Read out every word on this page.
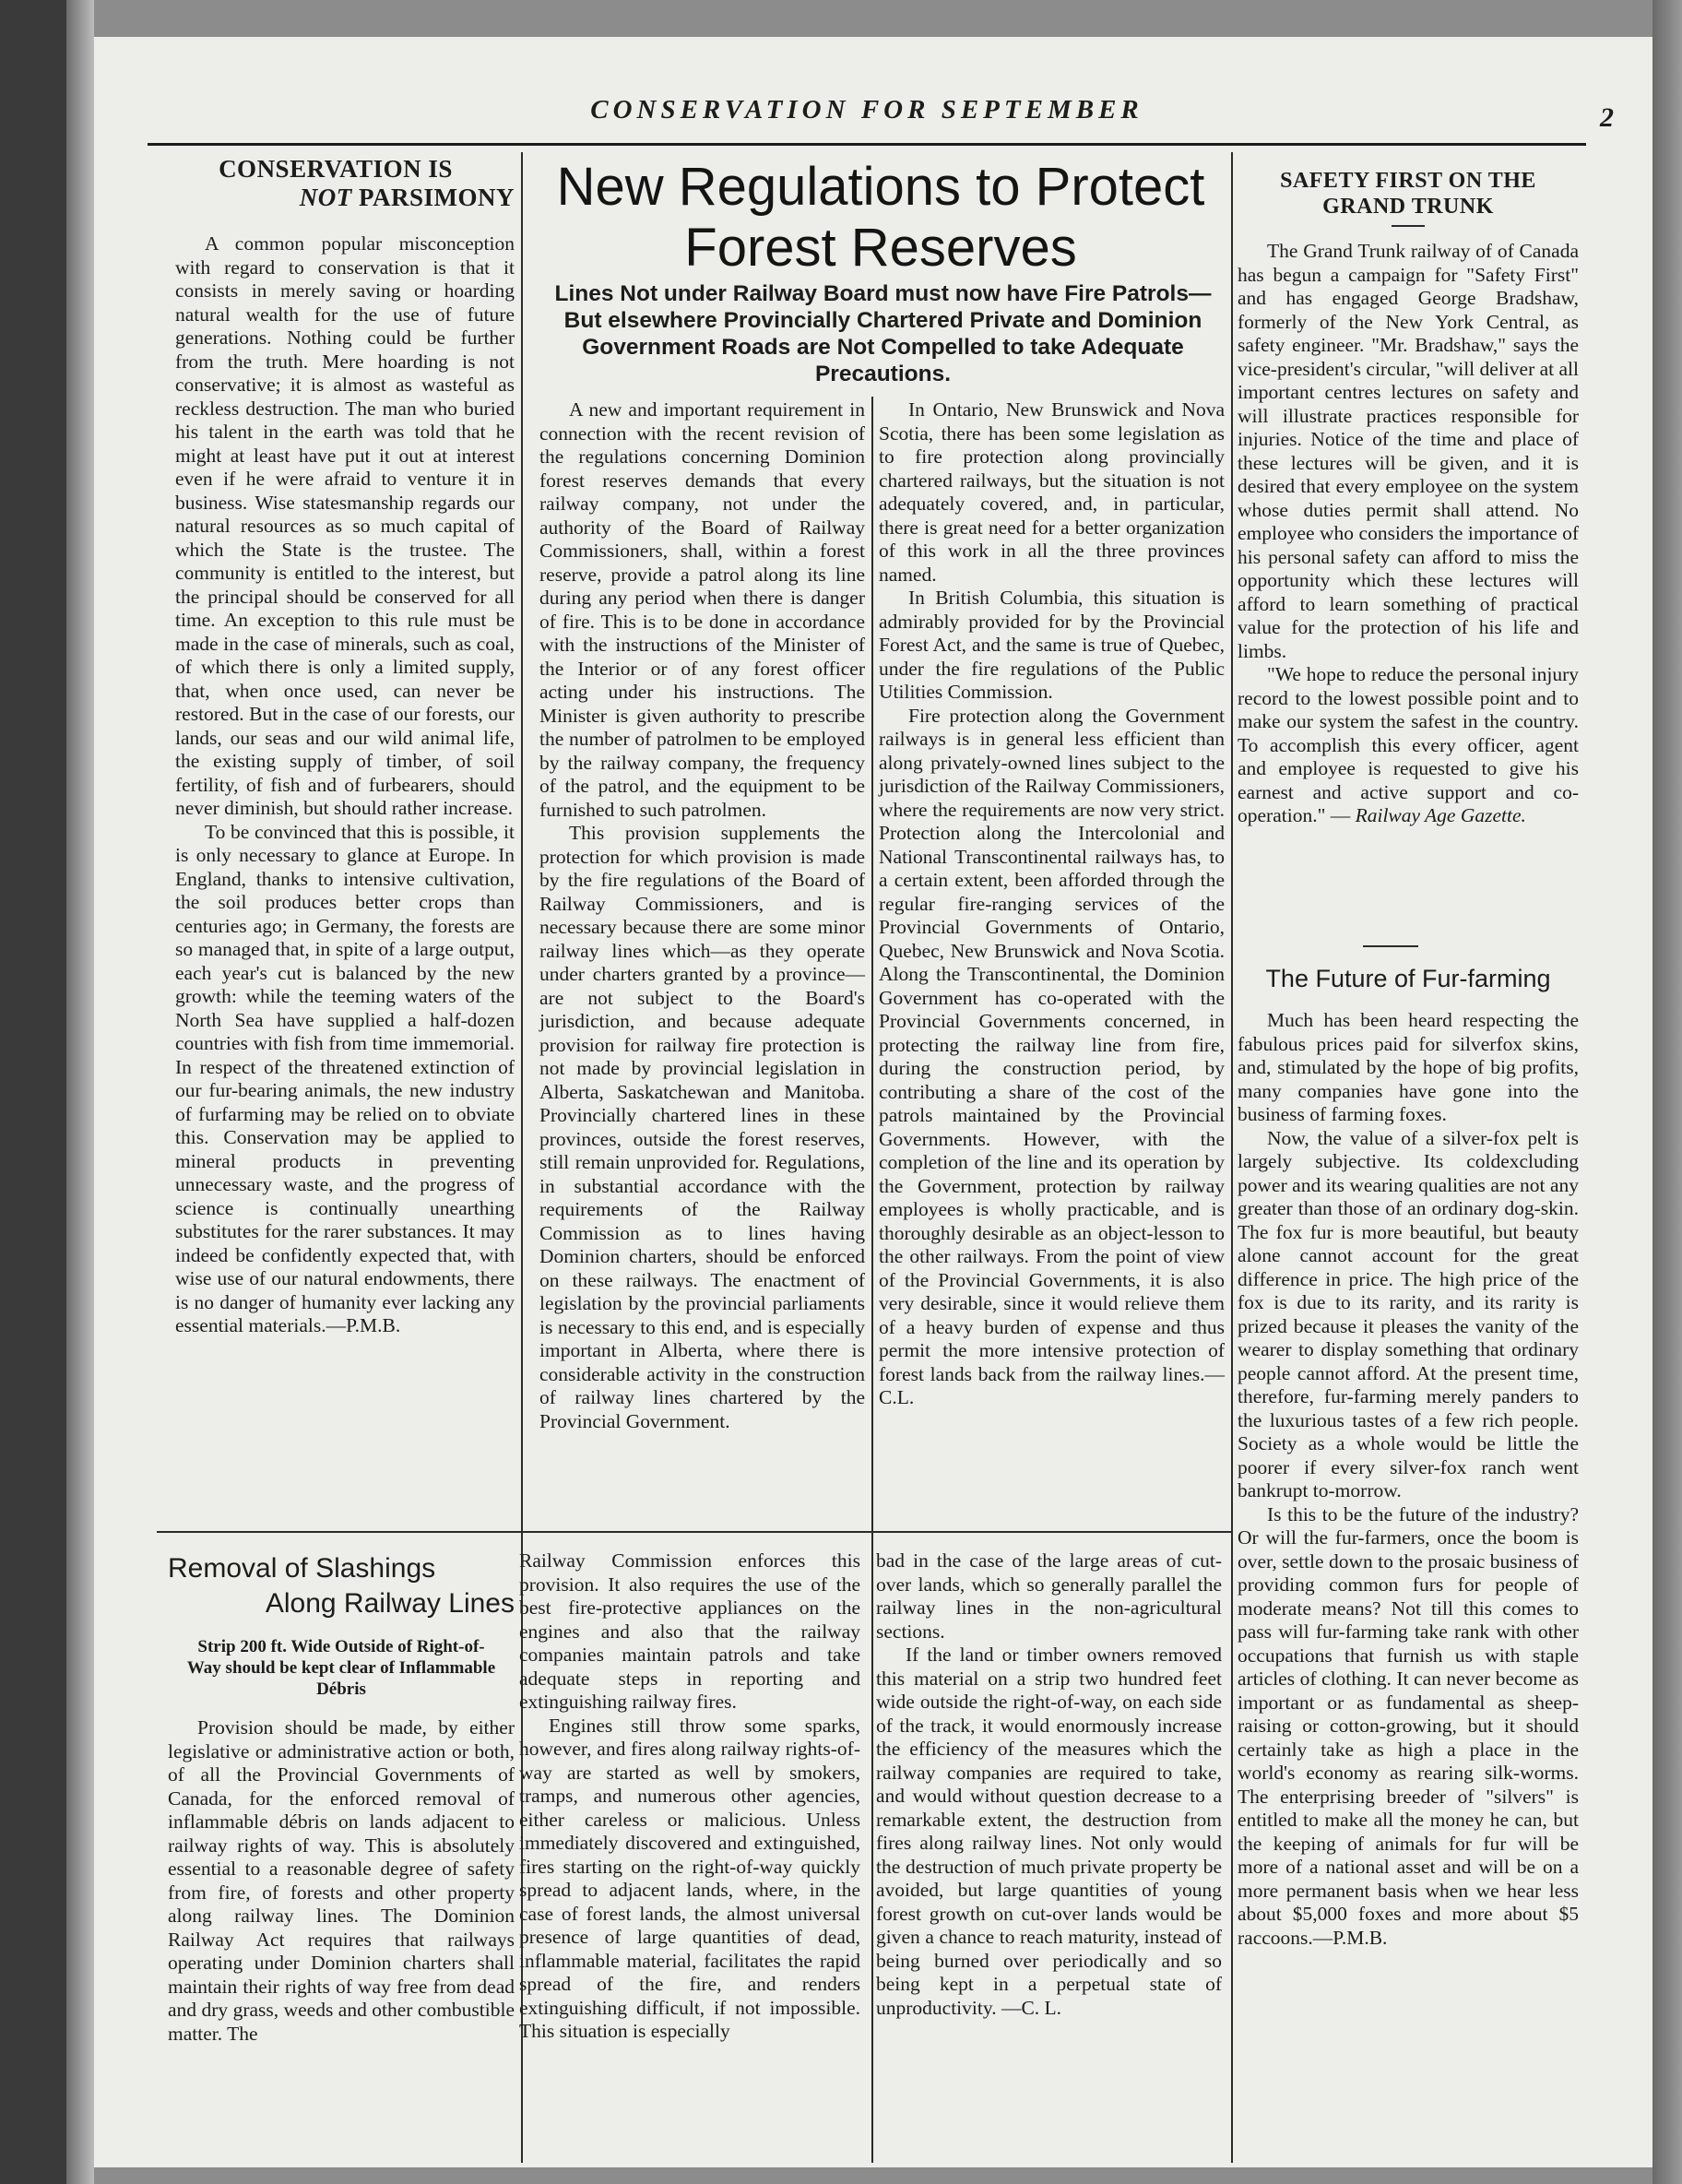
CONSERVATION FOR SEPTEMBER	2
CONSERVATION IS
NOT PARSIMONY

A common popular misconception with regard to conservation is that it consists in merely saving or hoarding natural wealth for the use of future generations. Nothing could be further from the truth. Mere hoarding is not conservative; it is almost as wasteful as reckless destruction. The man who buried his talent in the earth was told that he might at least have put it out at interest even if he were afraid to venture it in business. Wise statesmanship regards our natural resources as so much capital of which the State is the trustee. The community is entitled to the interest, but the principal should be conserved for all time. An exception to this rule must be made in the case of minerals, such as coal, of which there is only a limited supply, that, when once used, can never be restored. But in the case of our forests, our lands, our seas and our wild animal life, the existing supply of timber, of soil fertility, of fish and of furbearers, should never diminish, but should rather increase.

To be convinced that this is possible, it is only necessary to glance at Europe. In England, thanks to intensive cultivation, the soil produces better crops than centuries ago; in Germany, the forests are so managed that, in spite of a large output, each year's cut is balanced by the new growth: while the teeming waters of the North Sea have supplied a half-dozen countries with fish from time immemorial. In respect of the threatened extinction of our fur-bearing animals, the new industry of furfarming may be relied on to obviate this. Conservation may be applied to mineral products in preventing unnecessary waste, and the progress of science is continually unearthing substitutes for the rarer substances. It may indeed be confidently expected that, with wise use of our natural endowments, there is no danger of humanity ever lacking any essential materials.—P.M.B.

New Regulations to Protect Forest Reserves
Lines Not under Railway Board must now have Fire Patrols—But elsewhere Provincially Chartered Private and Dominion Government Roads are Not Compelled to take Adequate Precautions.

A new and important requirement in connection with the recent revision of the regulations concerning Dominion forest reserves demands that every railway company, not under the authority of the Board of Railway Commissioners, shall, within a forest reserve, provide a patrol along its line during any period when there is danger of fire. This is to be done in accordance with the instructions of the Minister of the Interior or of any forest officer acting under his instructions. The Minister is given authority to prescribe the number of patrolmen to be employed by the railway company, the frequency of the patrol, and the equipment to be furnished to such patrolmen.

This provision supplements the protection for which provision is made by the fire regulations of the Board of Railway Commissioners, and is necessary because there are some minor railway lines which—as they operate under charters granted by a province—are not subject to the Board's jurisdiction, and because adequate provision for railway fire protection is not made by provincial legislation in Alberta, Saskatchewan and Manitoba. Provincially chartered lines in these provinces, outside the forest reserves, still remain unprovided for. Regulations, in substantial accordance with the requirements of the Railway Commission as to lines having Dominion charters, should be enforced on these railways. The enactment of legislation by the provincial parliaments is necessary to this end, and is especially important in Alberta, where there is considerable activity in the construction of railway lines chartered by the Provincial Government.

In Ontario, New Brunswick and Nova Scotia, there has been some legislation as to fire protection along provincially chartered railways, but the situation is not adequately covered, and, in particular, there is great need for a better organization of this work in all the three provinces named.

In British Columbia, this situation is admirably provided for by the Provincial Forest Act, and the same is true of Quebec, under the fire regulations of the Public Utilities Commission.

Fire protection along the Government railways is in general less efficient than along privately-owned lines subject to the jurisdiction of the Railway Commissioners, where the requirements are now very strict. Protection along the Intercolonial and National Transcontinental railways has, to a certain extent, been afforded through the regular fire-ranging services of the Provincial Governments of Ontario, Quebec, New Brunswick and Nova Scotia. Along the Transcontinental, the Dominion Government has co-operated with the Provincial Governments concerned, in protecting the railway line from fire, during the construction period, by contributing a share of the cost of the patrols maintained by the Provincial Governments. However, with the completion of the line and its operation by the Government, protection by railway employees is wholly practicable, and is thoroughly desirable as an object-lesson to the other railways. From the point of view of the Provincial Governments, it is also very desirable, since it would relieve them of a heavy burden of expense and thus permit the more intensive protection of forest lands back from the railway lines.—C.L.

SAFETY FIRST ON THE GRAND TRUNK

The Grand Trunk railway of of Canada has begun a campaign for "Safety First" and has engaged George Bradshaw, formerly of the New York Central, as safety engineer. "Mr. Bradshaw," says the vice-president's circular, "will deliver at all important centres lectures on safety and will illustrate practices responsible for injuries. Notice of the time and place of these lectures will be given, and it is desired that every employee on the system whose duties permit shall attend. No employee who considers the importance of his personal safety can afford to miss the opportunity which these lectures will afford to learn something of practical value for the protection of his life and limbs.

"We hope to reduce the personal injury record to the lowest possible point and to make our system the safest in the country. To accomplish this every officer, agent and employee is requested to give his earnest and active support and co-operation." — Railway Age Gazette.

The Future of Fur-farming

Much has been heard respecting the fabulous prices paid for silverfox skins, and, stimulated by the hope of big profits, many companies have gone into the business of farming foxes.

Now, the value of a silver-fox pelt is largely subjective. Its coldexcluding power and its wearing qualities are not any greater than those of an ordinary dog-skin. The fox fur is more beautiful, but beauty alone cannot account for the great difference in price. The high price of the fox is due to its rarity, and its rarity is prized because it pleases the vanity of the wearer to display something that ordinary people cannot afford. At the present time, therefore, fur-farming merely panders to the luxurious tastes of a few rich people. Society as a whole would be little the poorer if every silver-fox ranch went bankrupt to-morrow.

Is this to be the future of the industry? Or will the fur-farmers, once the boom is over, settle down to the prosaic business of providing common furs for people of moderate means? Not till this comes to pass will fur-farming take rank with other occupations that furnish us with staple articles of clothing. It can never become as important or as fundamental as sheep-raising or cotton-growing, but it should certainly take as high a place in the world's economy as rearing silk-worms. The enterprising breeder of "silvers" is entitled to make all the money he can, but the keeping of animals for fur will be more of a national asset and will be on a more permanent basis when we hear less about $5,000 foxes and more about $5 raccoons.—P.M.B.

Removal of Slashings
Along Railway Lines
Strip 200 ft. Wide Outside of Right-of-Way should be kept clear of Inflammable Débris

Provision should be made, by either legislative or administrative action or both, of all the Provincial Governments of Canada, for the enforced removal of inflammable débris on lands adjacent to railway rights of way. This is absolutely essential to a reasonable degree of safety from fire, of forests and other property along railway lines. The Dominion Railway Act requires that railways operating under Dominion charters shall maintain their rights of way free from dead and dry grass, weeds and other combustible matter. The

Railway Commission enforces this provision. It also requires the use of the best fire-protective appliances on the engines and also that the railway companies maintain patrols and take adequate steps in reporting and extinguishing railway fires.

Engines still throw some sparks, however, and fires along railway rights-of-way are started as well by smokers, tramps, and numerous other agencies, either careless or malicious. Unless immediately discovered and extinguished, fires starting on the right-of-way quickly spread to adjacent lands, where, in the case of forest lands, the almost universal presence of large quantities of dead, inflammable material, facilitates the rapid spread of the fire, and renders extinguishing difficult, if not impossible. This situation is especially

bad in the case of the large areas of cut-over lands, which so generally parallel the railway lines in the non-agricultural sections.

If the land or timber owners removed this material on a strip two hundred feet wide outside the right-of-way, on each side of the track, it would enormously increase the efficiency of the measures which the railway companies are required to take, and would without question decrease to a remarkable extent, the destruction from fires along railway lines. Not only would the destruction of much private property be avoided, but large quantities of young forest growth on cut-over lands would be given a chance to reach maturity, instead of being burned over periodically and so being kept in a perpetual state of unproductivity. —C. L.
